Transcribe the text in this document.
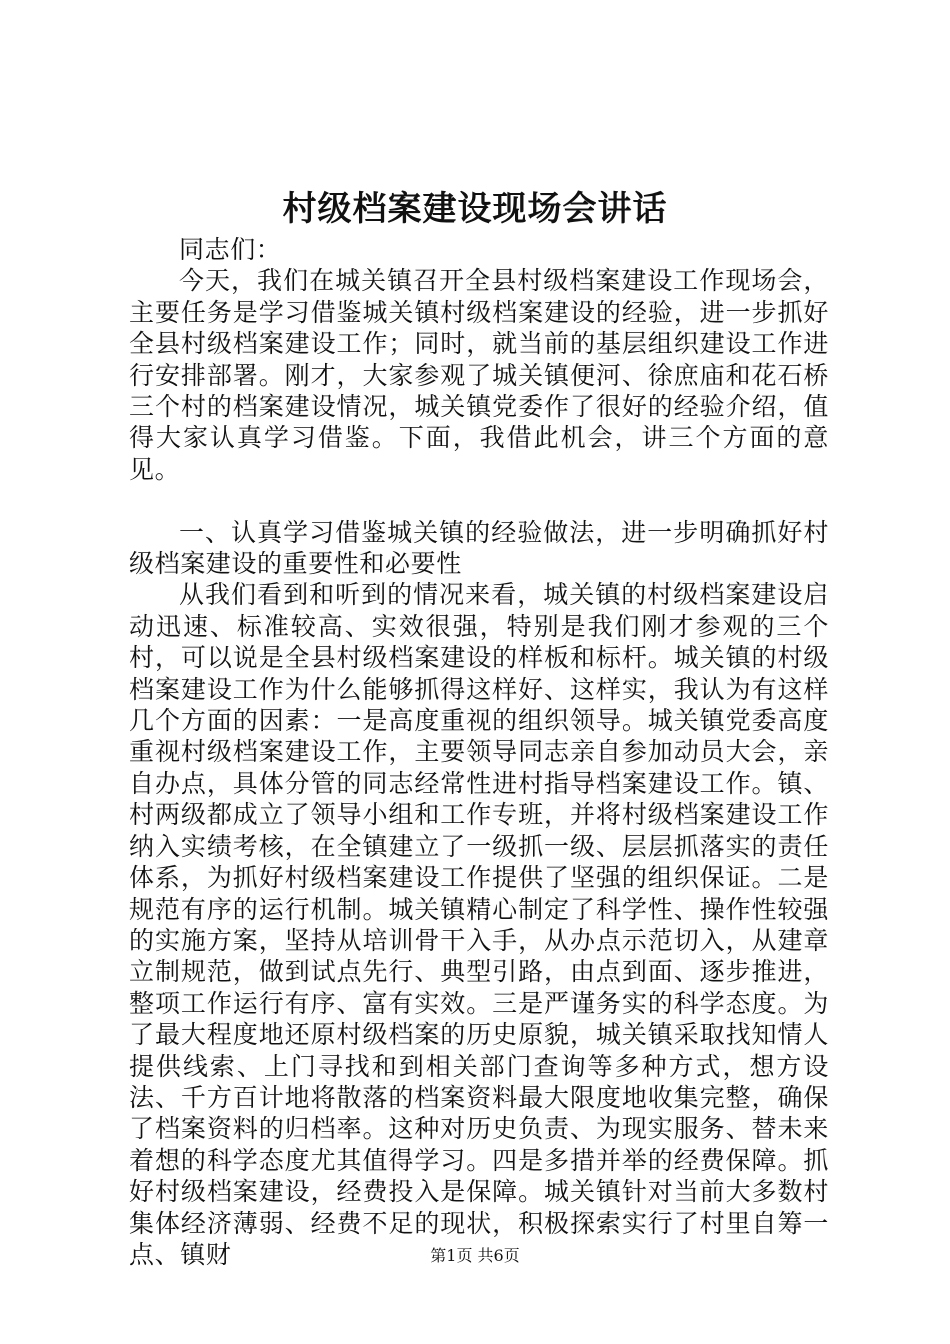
村级档案建设现场会讲话

同志们：

今天，我们在城关镇召开全县村级档案建设工作现场会，主要任务是学习借鉴城关镇村级档案建设的经验，进一步抓好全县村级档案建设工作；同时，就当前的基层组织建设工作进行安排部署。刚才，大家参观了城关镇便河、徐庶庙和花石桥三个村的档案建设情况，城关镇党委作了很好的经验介绍，值得大家认真学习借鉴。下面，我借此机会，讲三个方面的意见。

一、认真学习借鉴城关镇的经验做法，进一步明确抓好村级档案建设的重要性和必要性

从我们看到和听到的情况来看，城关镇的村级档案建设启动迅速、标准较高、实效很强，特别是我们刚才参观的三个村，可以说是全县村级档案建设的样板和标杆。城关镇的村级档案建设工作为什么能够抓得这样好、这样实，我认为有这样几个方面的因素：一是高度重视的组织领导。城关镇党委高度重视村级档案建设工作，主要领导同志亲自参加动员大会，亲自办点，具体分管的同志经常性进村指导档案建设工作。镇、村两级都成立了领导小组和工作专班，并将村级档案建设工作纳入实绩考核，在全镇建立了一级抓一级、层层抓落实的责任体系，为抓好村级档案建设工作提供了坚强的组织保证。二是规范有序的运行机制。城关镇精心制定了科学性、操作性较强的实施方案，坚持从培训骨干入手，从办点示范切入，从建章立制规范，做到试点先行、典型引路，由点到面、逐步推进，整项工作运行有序、富有实效。三是严谨务实的科学态度。为了最大程度地还原村级档案的历史原貌，城关镇采取找知情人提供线索、上门寻找和到相关部门查询等多种方式，想方设法、千方百计地将散落的档案资料最大限度地收集完整，确保了档案资料的归档率。这种对历史负责、为现实服务、替未来着想的科学态度尤其值得学习。四是多措并举的经费保障。抓好村级档案建设，经费投入是保障。城关镇针对当前大多数村集体经济薄弱、经费不足的现状，积极探索实行了村里自筹一点、镇财	第1页 共6页
